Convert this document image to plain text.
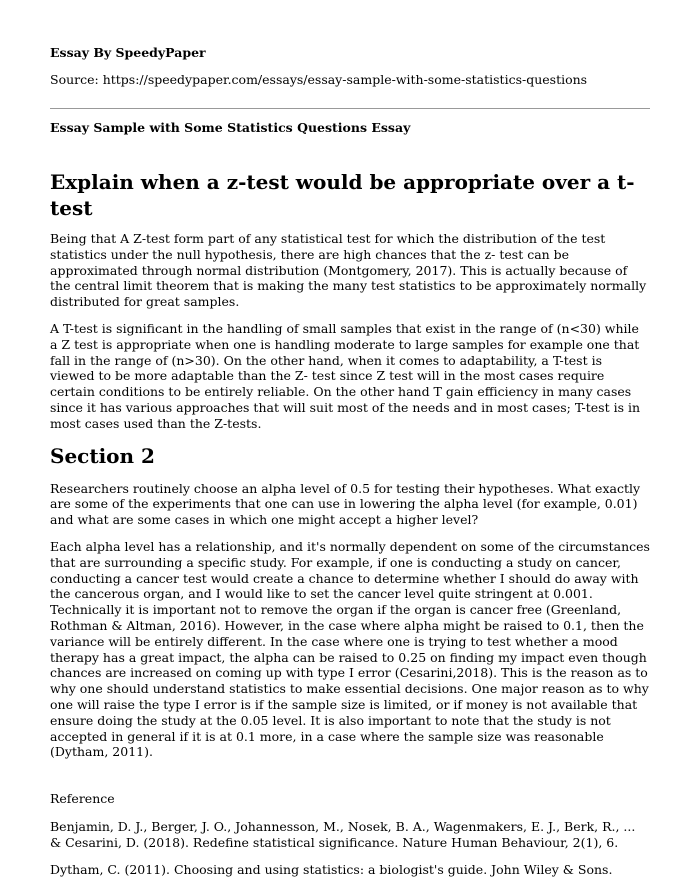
Essay By SpeedyPaper
Source: https://speedypaper.com/essays/essay-sample-with-some-statistics-questions
Essay Sample with Some Statistics Questions Essay
Explain when a z-test would be appropriate over a t-test

Being that A Z-test form part of any statistical test for which the distribution of the test statistics under the null hypothesis, there are high chances that the z- test can be approximated through normal distribution (Montgomery, 2017). This is actually because of the central limit theorem that is making the many test statistics to be approximately normally distributed for great samples.

A T-test is significant in the handling of small samples that exist in the range of (n<30) while a Z test is appropriate when one is handling moderate to large samples for example one that fall in the range of (n>30). On the other hand, when it comes to adaptability, a T-test is viewed to be more adaptable than the Z- test since Z test will in the most cases require certain conditions to be entirely reliable. On the other hand T gain efficiency in many cases since it has various approaches that will suit most of the needs and in most cases; T-test is in most cases used than the Z-tests.

Section 2

Researchers routinely choose an alpha level of 0.5 for testing their hypotheses. What exactly are some of the experiments that one can use in lowering the alpha level (for example, 0.01) and what are some cases in which one might accept a higher level?

Each alpha level has a relationship, and it's normally dependent on some of the circumstances that are surrounding a specific study. For example, if one is conducting a study on cancer, conducting a cancer test would create a chance to determine whether I should do away with the cancerous organ, and I would like to set the cancer level quite stringent at 0.001. Technically it is important not to remove the organ if the organ is cancer free (Greenland, Rothman & Altman, 2016). However, in the case where alpha might be raised to 0.1, then the variance will be entirely different. In the case where one is trying to test whether a mood therapy has a great impact, the alpha can be raised to 0.25 on finding my impact even though chances are increased on coming up with type I error (Cesarini,2018). This is the reason as to why one should understand statistics to make essential decisions. One major reason as to why one will raise the type I error is if the sample size is limited, or if money is not available that ensure doing the study at the 0.05 level. It is also important to note that the study is not accepted in general if it is at 0.1 more, in a case where the sample size was reasonable (Dytham, 2011).

Reference

Benjamin, D. J., Berger, J. O., Johannesson, M., Nosek, B. A., Wagenmakers, E. J., Berk, R., ... & Cesarini, D. (2018). Redefine statistical significance. Nature Human Behaviour, 2(1), 6.

Dytham, C. (2011). Choosing and using statistics: a biologist's guide. John Wiley & Sons.
